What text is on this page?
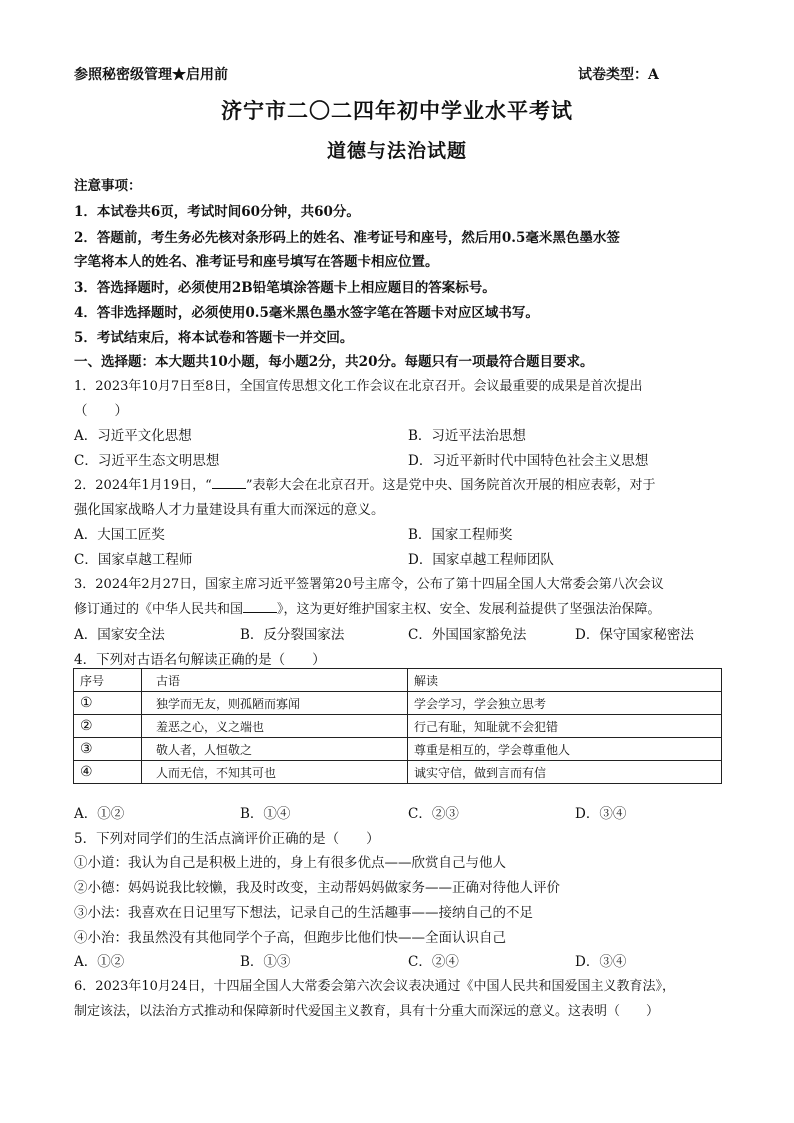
参照秘密级管理★启用前	试卷类型：A
济宁市二〇二四年初中学业水平考试
道德与法治试题
注意事项：
1．本试卷共6页，考试时间60分钟，共60分。
2．答题前，考生务必先核对条形码上的姓名、准考证号和座号，然后用0.5毫米黑色墨水签
字笔将本人的姓名、准考证号和座号填写在答题卡相应位置。
3．答选择题时，必须使用2B铅笔填涂答题卡上相应题目的答案标号。
4．答非选择题时，必须使用0.5毫米黑色墨水签字笔在答题卡对应区域书写。
5．考试结束后，将本试卷和答题卡一并交回。
一、选择题：本大题共10小题，每小题2分，共20分。每题只有一项最符合题目要求。
1．2023年10月7日至8日，全国宣传思想文化工作会议在北京召开。会议最重要的成果是首次提出
（　　）
A．习近平文化思想	B．习近平法治思想
C．习近平生态文明思想	D．习近平新时代中国特色社会主义思想
2．2024年1月19日，“	”表彰大会在北京召开。这是党中央、国务院首次开展的相应表彰，对于
强化国家战略人才力量建设具有重大而深远的意义。
A．大国工匠奖	B．国家工程师奖
C．国家卓越工程师	D．国家卓越工程师团队
3．2024年2月27日，国家主席习近平签署第20号主席令，公布了第十四届全国人大常委会第八次会议
修订通过的《中华人民共和国	》，这为更好维护国家主权、安全、发展利益提供了坚强法治保障。
A．国家安全法	B．反分裂国家法	C．外国国家豁免法	D．保守国家秘密法
4．下列对古语名句解读正确的是（　　）
序号	古语	解读
①	独学而无友，则孤陋而寡闻	学会学习，学会独立思考
②	羞恶之心，义之端也	行己有耻，知耻就不会犯错
③	敬人者，人恒敬之	尊重是相互的，学会尊重他人
④	人而无信，不知其可也	诚实守信，做到言而有信
A．①②	B．①④	C．②③	D．③④
5．下列对同学们的生活点滴评价正确的是（　　）
①小道：我认为自己是积极上进的，身上有很多优点——欣赏自己与他人
②小德：妈妈说我比较懒，我及时改变，主动帮妈妈做家务——正确对待他人评价
③小法：我喜欢在日记里写下想法，记录自己的生活趣事——接纳自己的不足
④小治：我虽然没有其他同学个子高，但跑步比他们快——全面认识自己
A．①②	B．①③	C．②④	D．③④
6．2023年10月24日，十四届全国人大常委会第六次会议表决通过《中国人民共和国爱国主义教育法》，
制定该法，以法治方式推动和保障新时代爱国主义教育，具有十分重大而深远的意义。这表明（　　）
